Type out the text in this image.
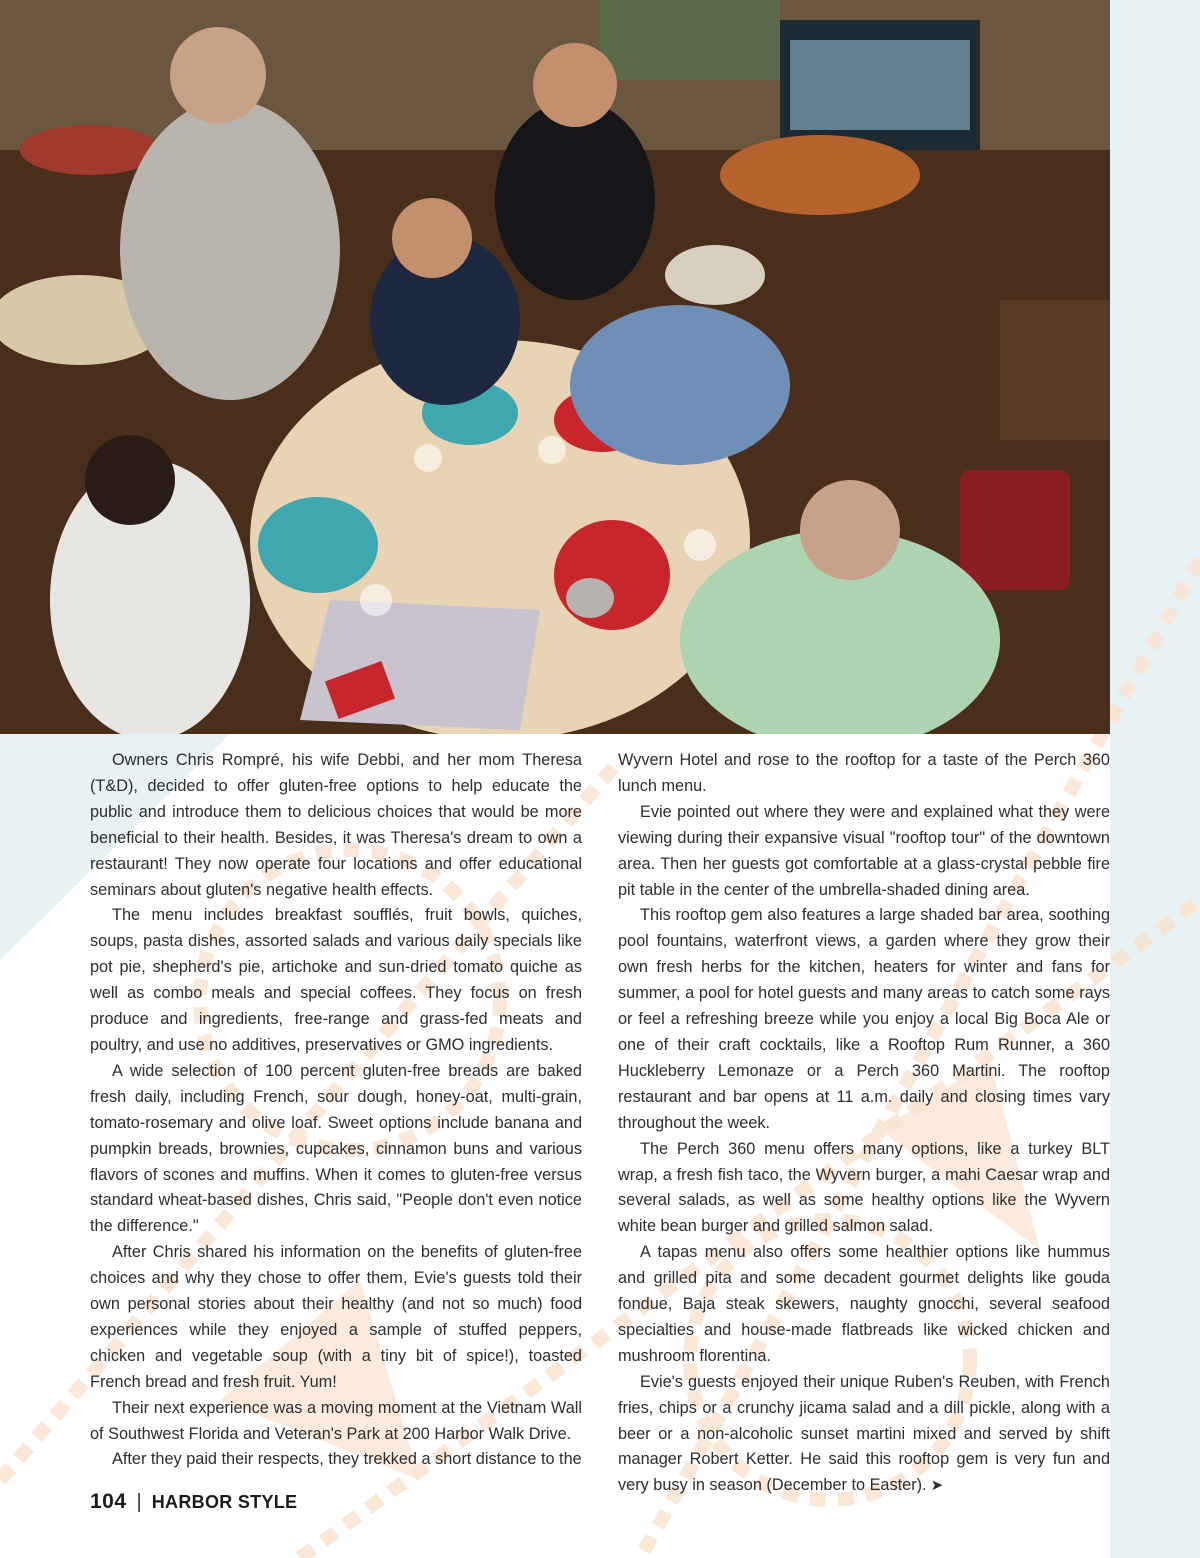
Owners Chris Rompré, his wife Debbi, and her mom Theresa (T&D), decided to offer gluten-free options to help educate the public and introduce them to delicious choices that would be more beneficial to their health. Besides, it was Theresa's dream to own a restaurant! They now operate four locations and offer educational seminars about gluten's negative health effects.

The menu includes breakfast soufflés, fruit bowls, quiches, soups, pasta dishes, assorted salads and various daily specials like pot pie, shepherd's pie, artichoke and sun-dried tomato quiche as well as combo meals and special coffees. They focus on fresh produce and ingredients, free-range and grass-fed meats and poultry, and use no additives, preservatives or GMO ingredients.

A wide selection of 100 percent gluten-free breads are baked fresh daily, including French, sour dough, honey-oat, multi-grain, tomato-rosemary and olive loaf. Sweet options include banana and pumpkin breads, brownies, cupcakes, cinnamon buns and various flavors of scones and muffins. When it comes to gluten-free versus standard wheat-based dishes, Chris said, "People don't even notice the difference."

After Chris shared his information on the benefits of gluten-free choices and why they chose to offer them, Evie's guests told their own personal stories about their healthy (and not so much) food experiences while they enjoyed a sample of stuffed peppers, chicken and vegetable soup (with a tiny bit of spice!), toasted French bread and fresh fruit. Yum!

Their next experience was a moving moment at the Vietnam Wall of Southwest Florida and Veteran's Park at 200 Harbor Walk Drive.

After they paid their respects, they trekked a short distance to the

Wyvern Hotel and rose to the rooftop for a taste of the Perch 360 lunch menu.

Evie pointed out where they were and explained what they were viewing during their expansive visual "rooftop tour" of the downtown area. Then her guests got comfortable at a glass-crystal pebble fire pit table in the center of the umbrella-shaded dining area.

This rooftop gem also features a large shaded bar area, soothing pool fountains, waterfront views, a garden where they grow their own fresh herbs for the kitchen, heaters for winter and fans for summer, a pool for hotel guests and many areas to catch some rays or feel a refreshing breeze while you enjoy a local Big Boca Ale or one of their craft cocktails, like a Rooftop Rum Runner, a 360 Huckleberry Lemonaze or a Perch 360 Martini. The rooftop restaurant and bar opens at 11 a.m. daily and closing times vary throughout the week.

The Perch 360 menu offers many options, like a turkey BLT wrap, a fresh fish taco, the Wyvern burger, a mahi Caesar wrap and several salads, as well as some healthy options like the Wyvern white bean burger and grilled salmon salad.

A tapas menu also offers some healthier options like hummus and grilled pita and some decadent gourmet delights like gouda fondue, Baja steak skewers, naughty gnocchi, several seafood specialties and house-made flatbreads like wicked chicken and mushroom florentina.

Evie's guests enjoyed their unique Ruben's Reuben, with French fries, chips or a crunchy jicama salad and a dill pickle, along with a beer or a non-alcoholic sunset martini mixed and served by shift manager Robert Ketter. He said this rooftop gem is very fun and very busy in season (December to Easter). ➤

104 | HARBOR STYLE
